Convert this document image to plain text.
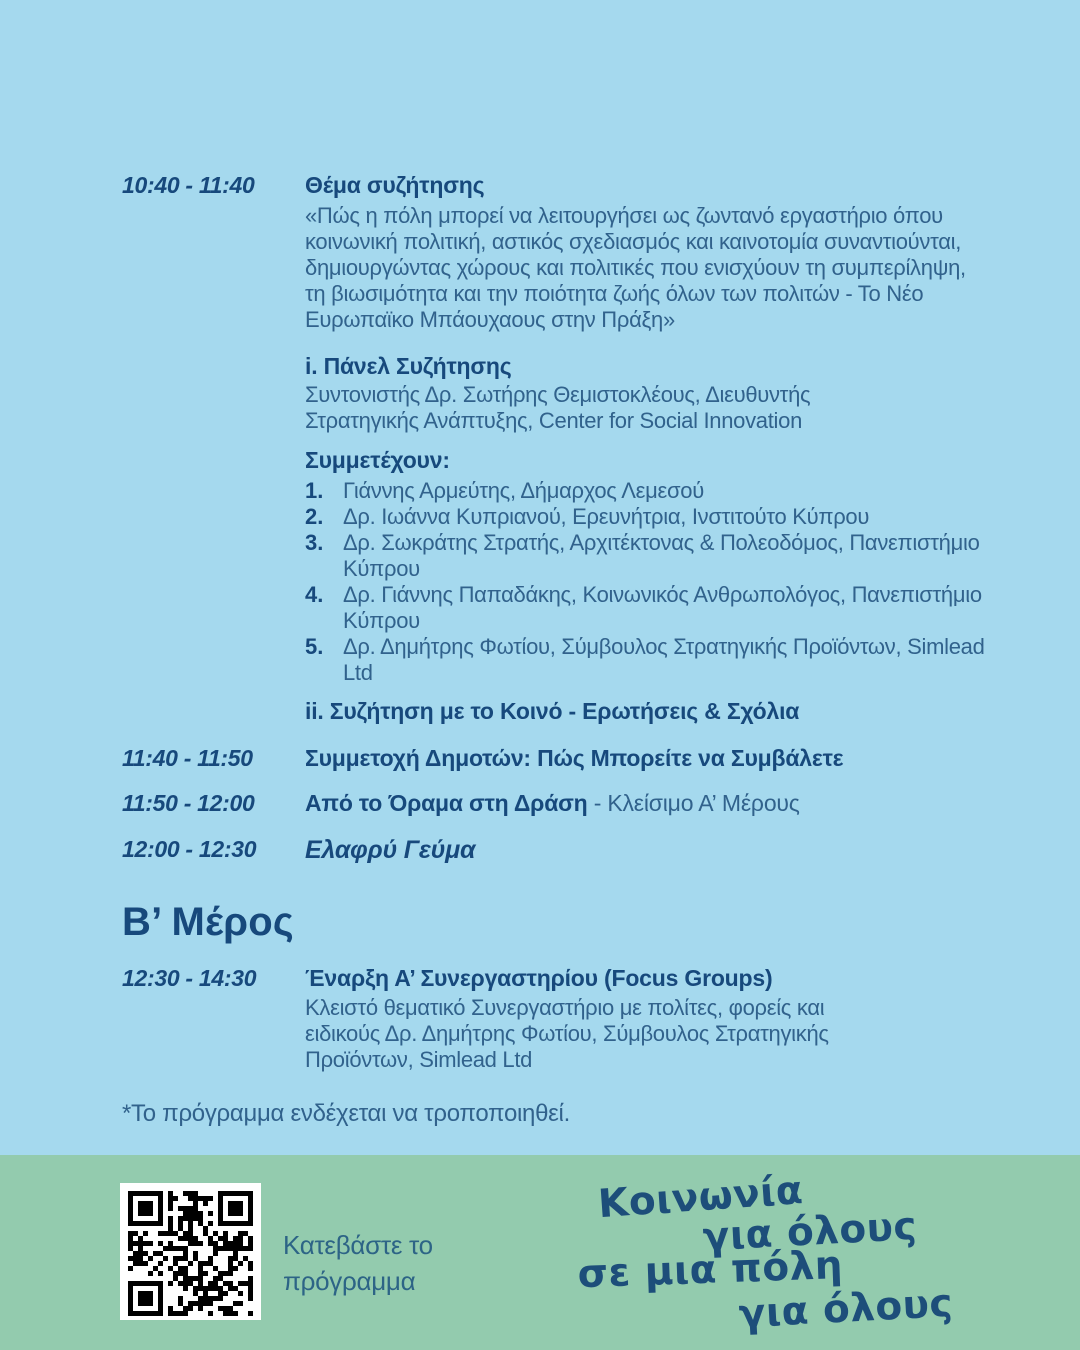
10:40 - 11:40	Θέμα συζήτησης
«Πώς η πόλη μπορεί να λειτουργήσει ως ζωντανό εργαστήριο όπου κοινωνική πολιτική, αστικός σχεδιασμός και καινοτομία συναντιούνται, δημιουργώντας χώρους και πολιτικές που ενισχύουν τη συμπερίληψη, τη βιωσιμότητα και την ποιότητα ζωής όλων των πολιτών - Το Νέο Ευρωπαϊκο Μπάουχαους στην Πράξη»
i. Πάνελ Συζήτησης
Συντονιστής Δρ. Σωτήρης Θεμιστοκλέους, Διευθυντής Στρατηγικής Ανάπτυξης, Center for Social Innovation
Συμμετέχουν:
1. Γιάννης Αρμεύτης, Δήμαρχος Λεμεσού
2. Δρ. Ιωάννα Κυπριανού, Ερευνήτρια, Ινστιτούτο Κύπρου
3. Δρ. Σωκράτης Στρατής, Αρχιτέκτονας & Πολεοδόμος, Πανεπιστήμιο Κύπρου
4. Δρ. Γιάννης Παπαδάκης, Κοινωνικός Ανθρωπολόγος, Πανεπιστήμιο Κύπρου
5. Δρ. Δημήτρης Φωτίου, Σύμβουλος Στρατηγικής Προϊόντων, Simlead Ltd
ii. Συζήτηση με το Κοινό - Ερωτήσεις & Σχόλια
11:40 - 11:50	Συμμετοχή Δημοτών: Πώς Μπορείτε να Συμβάλετε
11:50 - 12:00	Από το Όραμα στη Δράση - Κλείσιμο Α’ Μέρους
12:00 - 12:30	Ελαφρύ Γεύμα
Β’ Μέρος
12:30 - 14:30	Έναρξη Α’ Συνεργαστηρίου (Focus Groups)
Κλειστό θεματικό Συνεργαστήριο με πολίτες, φορείς και ειδικούς Δρ. Δημήτρης Φωτίου, Σύμβουλος Στρατηγικής Προϊόντων, Simlead Ltd
*Το πρόγραμμα ενδέχεται να τροποποιηθεί.
Κατεβάστε το πρόγραμμα
Κοινωνία
για όλους
σε μια πόλη
για όλους
